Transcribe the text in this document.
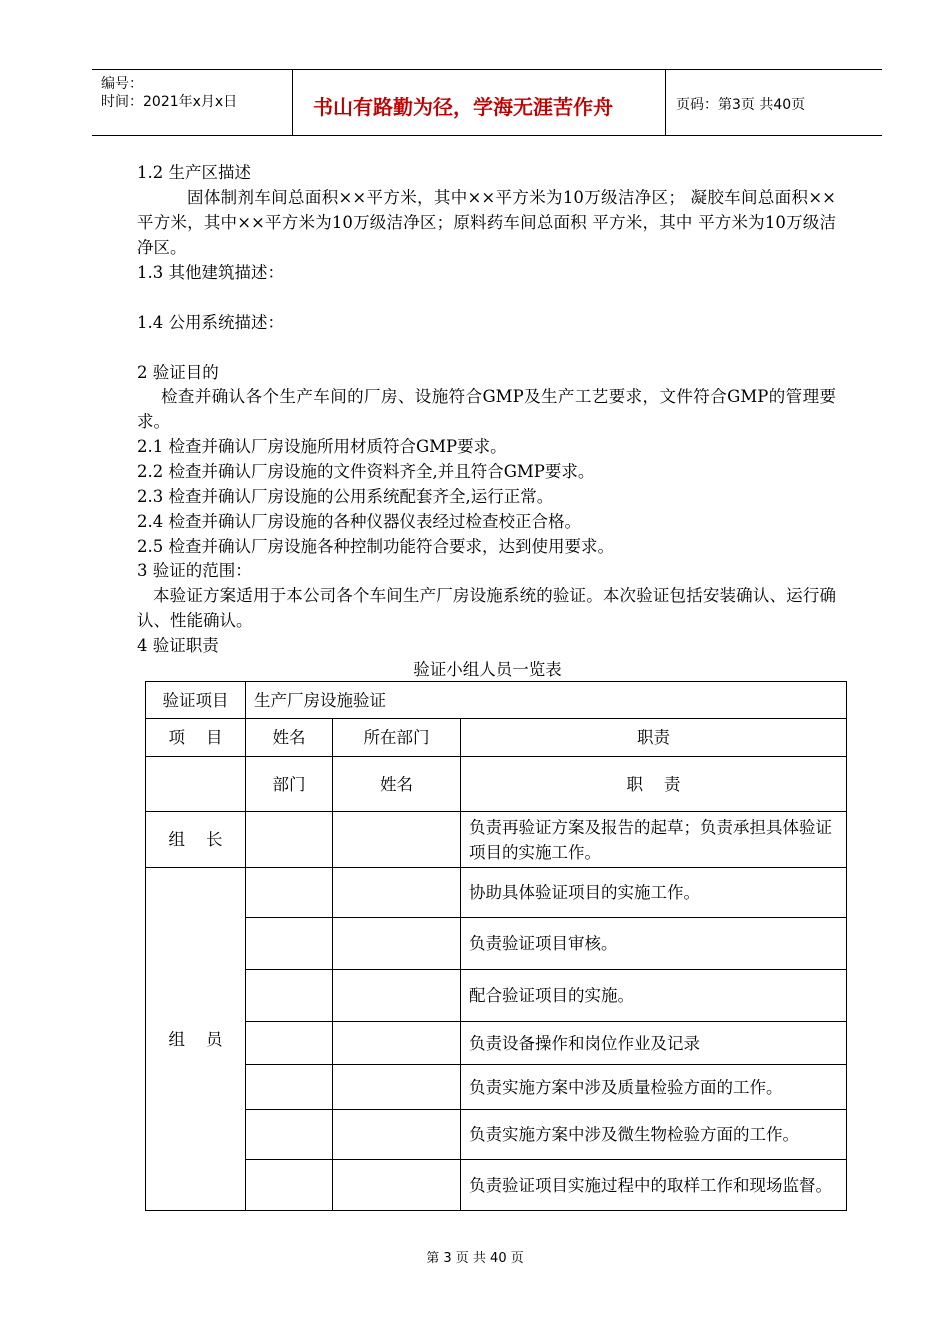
编号：
时间：2021年x月x日	书山有路勤为径，学海无涯苦作舟	页码：第3页 共40页
1.2 生产区描述
固体制剂车间总面积××平方米，其中××平方米为10万级洁净区； 凝胶车间总面积××平方米，其中××平方米为10万级洁净区；原料药车间总面积 平方米，其中 平方米为10万级洁净区。
1.3 其他建筑描述：
1.4 公用系统描述：
2 验证目的
检查并确认各个生产车间的厂房、设施符合GMP及生产工艺要求，文件符合GMP的管理要求。
2.1 检查并确认厂房设施所用材质符合GMP要求。
2.2 检查并确认厂房设施的文件资料齐全,并且符合GMP要求。
2.3 检查并确认厂房设施的公用系统配套齐全,运行正常。
2.4 检查并确认厂房设施的各种仪器仪表经过检查校正合格。
2.5 检查并确认厂房设施各种控制功能符合要求，达到使用要求。
3 验证的范围：
本验证方案适用于本公司各个车间生产厂房设施系统的验证。本次验证包括安装确认、运行确认、性能确认。
4 验证职责
验证小组人员一览表
验证项目	生产厂房设施验证		
项    目	姓名	所在部门	职责
	部门	姓名	职    责
组    长			负责再验证方案及报告的起草；负责承担具体验证项目的实施工作。
组    员			协助具体验证项目的实施工作。
			负责验证项目审核。
			配合验证项目的实施。
			负责设备操作和岗位作业及记录
			负责实施方案中涉及质量检验方面的工作。
			负责实施方案中涉及微生物检验方面的工作。
			负责验证项目实施过程中的取样工作和现场监督。
第 3 页 共 40 页
